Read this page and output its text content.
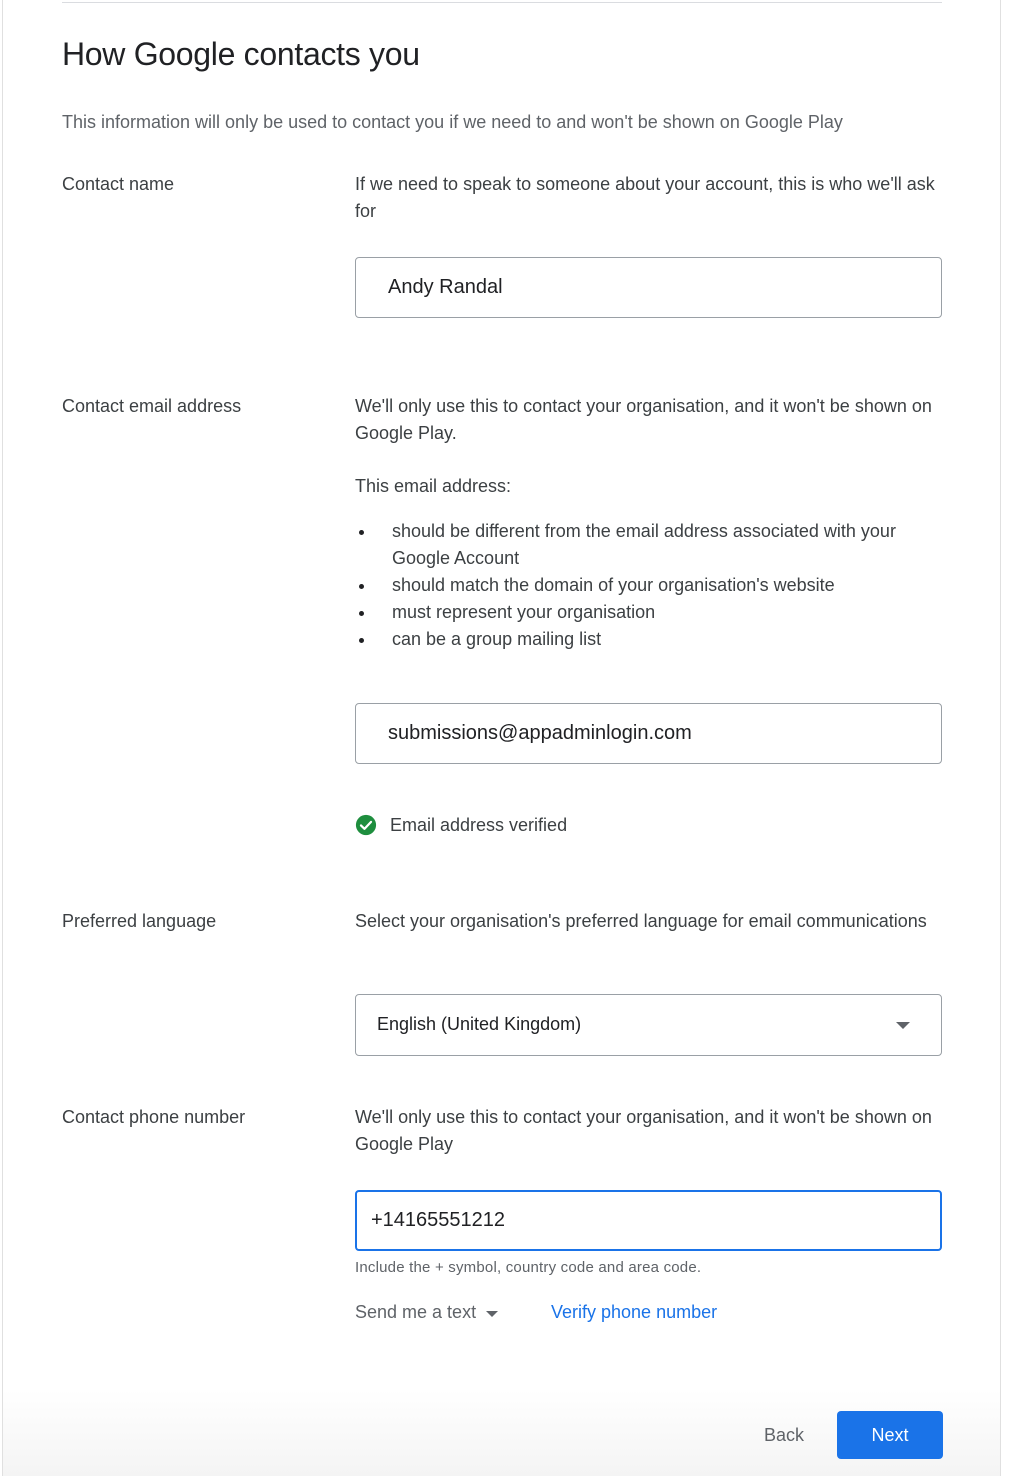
How Google contacts you

This information will only be used to contact you if we need to and won't be shown on Google Play

Contact name	If we need to speak to someone about your account, this is who we'll ask for

Andy Randal
Contact email address	We'll only use this to contact your organisation, and it won't be shown on Google Play.

This email address:

should be different from the email address associated with your Google Account
should match the domain of your organisation's website
must represent your organisation
can be a group mailing list
submissions@appadminlogin.com
Email address verified
Preferred language	Select your organisation's preferred language for email communications

English (United Kingdom)
Contact phone number	We'll only use this to contact your organisation, and it won't be shown on Google Play

+14165551212
Include the + symbol, country code and area code.
Send me a text	Verify phone number
Back	Next
